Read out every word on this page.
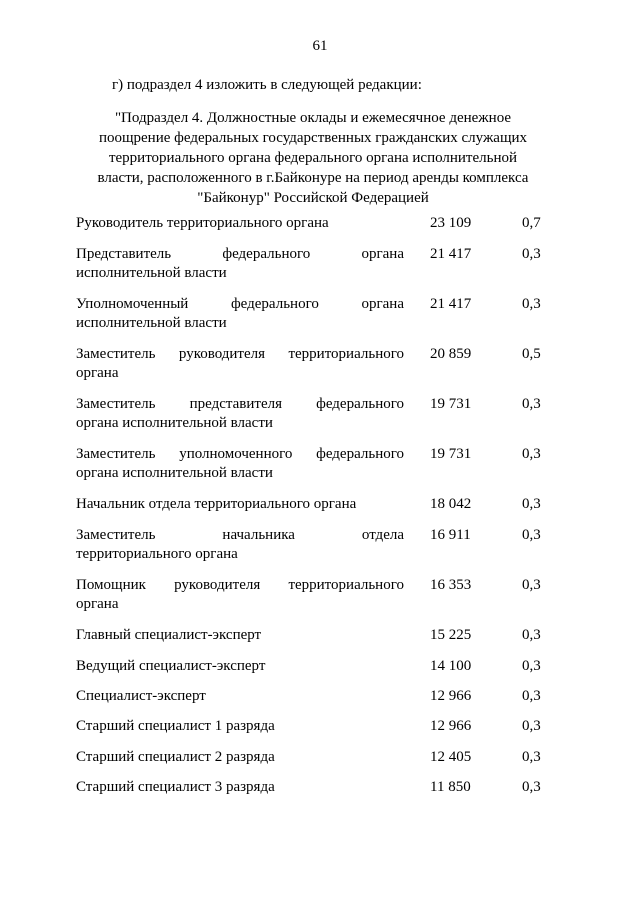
61
г) подраздел 4 изложить в следующей редакции:
"Подраздел 4. Должностные оклады и ежемесячное денежное
поощрение федеральных государственных гражданских служащих
территориального органа федерального органа исполнительной
власти, расположенного в г.Байконуре на период аренды комплекса
"Байконур" Российской Федерацией
Руководитель территориального органа	23 109	0,7
Представитель федерального органа
исполнительной власти
21 417	0,3
Уполномоченный федерального органа
исполнительной власти
21 417	0,3
Заместитель руководителя территориального
органа
20 859	0,5
Заместитель представителя федерального
органа исполнительной власти
19 731	0,3
Заместитель уполномоченного федерального
органа исполнительной власти
19 731	0,3
Начальник отдела территориального органа	18 042	0,3
Заместитель начальника отдела
территориального органа
16 911	0,3
Помощник руководителя территориального
органа
16 353	0,3
Главный специалист-эксперт	15 225	0,3
Ведущий специалист-эксперт	14 100	0,3
Специалист-эксперт	12 966	0,3
Старший специалист 1 разряда	12 966	0,3
Старший специалист 2 разряда	12 405	0,3
Старший специалист 3 разряда	11 850	0,3
